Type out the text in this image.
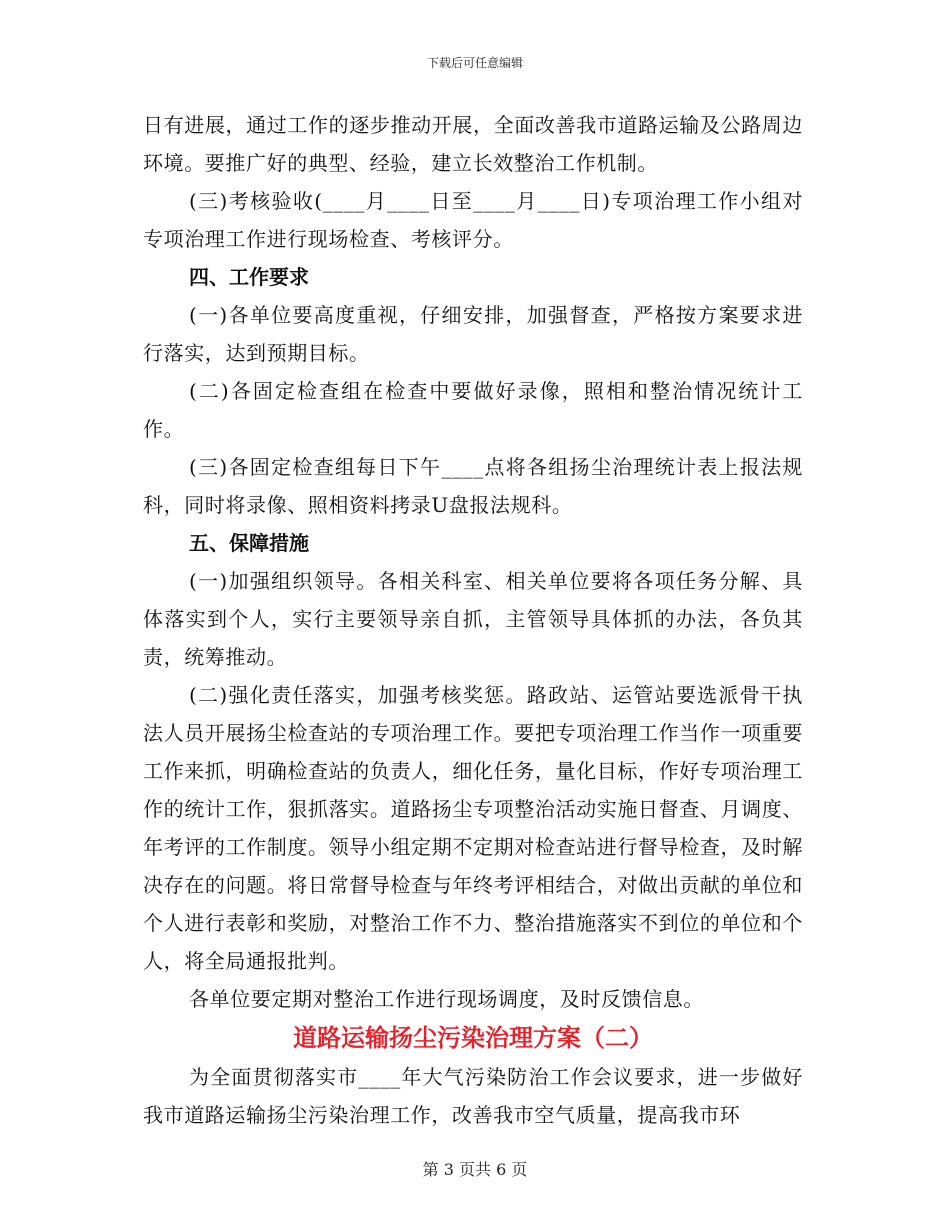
下载后可任意编辑

日有进展，通过工作的逐步推动开展，全面改善我市道路运输及公路周边环境。要推广好的典型、经验，建立长效整治工作机制。

(三)考核验收(____月____日至____月____日)专项治理工作小组对专项治理工作进行现场检查、考核评分。

四、工作要求

(一)各单位要高度重视，仔细安排，加强督查，严格按方案要求进行落实，达到预期目标。

(二)各固定检查组在检查中要做好录像，照相和整治情况统计工作。

(三)各固定检查组每日下午____点将各组扬尘治理统计表上报法规科，同时将录像、照相资料拷录U盘报法规科。

五、保障措施

(一)加强组织领导。各相关科室、相关单位要将各项任务分解、具体落实到个人，实行主要领导亲自抓，主管领导具体抓的办法，各负其责，统筹推动。

(二)强化责任落实，加强考核奖惩。路政站、运管站要选派骨干执法人员开展扬尘检查站的专项治理工作。要把专项治理工作当作一项重要工作来抓，明确检查站的负责人，细化任务，量化目标，作好专项治理工作的统计工作，狠抓落实。道路扬尘专项整治活动实施日督查、月调度、年考评的工作制度。领导小组定期不定期对检查站进行督导检查，及时解决存在的问题。将日常督导检查与年终考评相结合，对做出贡献的单位和个人进行表彰和奖励，对整治工作不力、整治措施落实不到位的单位和个人，将全局通报批判。

各单位要定期对整治工作进行现场调度，及时反馈信息。

道路运输扬尘污染治理方案（二）

为全面贯彻落实市____年大气污染防治工作会议要求，进一步做好我市道路运输扬尘污染治理工作，改善我市空气质量，提高我市环

第 3 页共 6 页
